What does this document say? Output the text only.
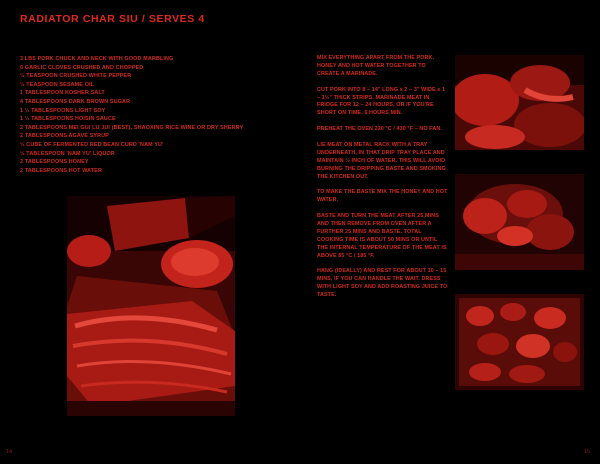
RADIATOR CHAR SIU / SERVES 4
3 LBS PORK CHUCK AND NECK WITH GOOD MARBLING
6 GARLIC CLOVES CRUSHED AND CHOPPED
½ TEASPOON CRUSHED WHITE PEPPER
½ TEASPOON SESAME OIL
1 TABLESPOON KOSHER SALT
4 TABLESPOONS DARK BROWN SUGAR
1 ½ TABLESPOONS LIGHT SOY
1 ½ TABLESPOONS HOISIN SAUCE
2 TABLESPOONS MEI GUI LU JUI (BEST), SHAOXING RICE WINE OR DRY SHERRY
2 TABLESPOONS AGAVE SYRUP
½ CUBE OF FERMENTED RED BEAN CURD 'NAM YU'
½ TABLESPOON 'NAM YU' LIQUOR
2 TABLESPOONS HONEY
2 TABLESPOONS HOT WATER

MIX EVERYTHING APART FROM THE PORK, HONEY AND HOT WATER TOGETHER TO CREATE A MARINADE.

CUT PORK INTO 8 – 14" LONG x 2 – 3" WIDE x 1 – 1½" THICK STRIPS. MARINADE MEAT IN FRIDGE FOR 12 – 24 HOURS, OR IF YOU'RE SHORT ON TIME, 6 HOURS MIN.

PREHEAT THE OVEN 220 °C / 430 °F – NO FAN.

LIE MEAT ON METAL RACK WITH A TRAY UNDERNEATH, IN THAT DRIP TRAY PLACE AND MAINTAIN ½ INCH OF WATER. THIS WILL AVOID BURNING THE DRIPPING BASTE AND SMOKING THE KITCHEN OUT.

TO MAKE THE BASTE MIX THE HONEY AND HOT WATER.

BASTE AND TURN THE MEAT AFTER 25 MINS AND THEN REMOVE FROM OVEN AFTER A FURTHER 25 MINS AND BASTE. TOTAL COOKING TIME IS ABOUT 50 MINS OR UNTIL THE INTERNAL TEMPERATURE OF THE MEAT IS ABOVE 85 °C / 185 °F.

HANG (IDEALLY) AND REST FOR ABOUT 10 – 15 MINS, IF YOU CAN HANDLE THE WAIT. DRESS WITH LIGHT SOY AND ADD ROASTING JUICE TO TASTE.

14	15
